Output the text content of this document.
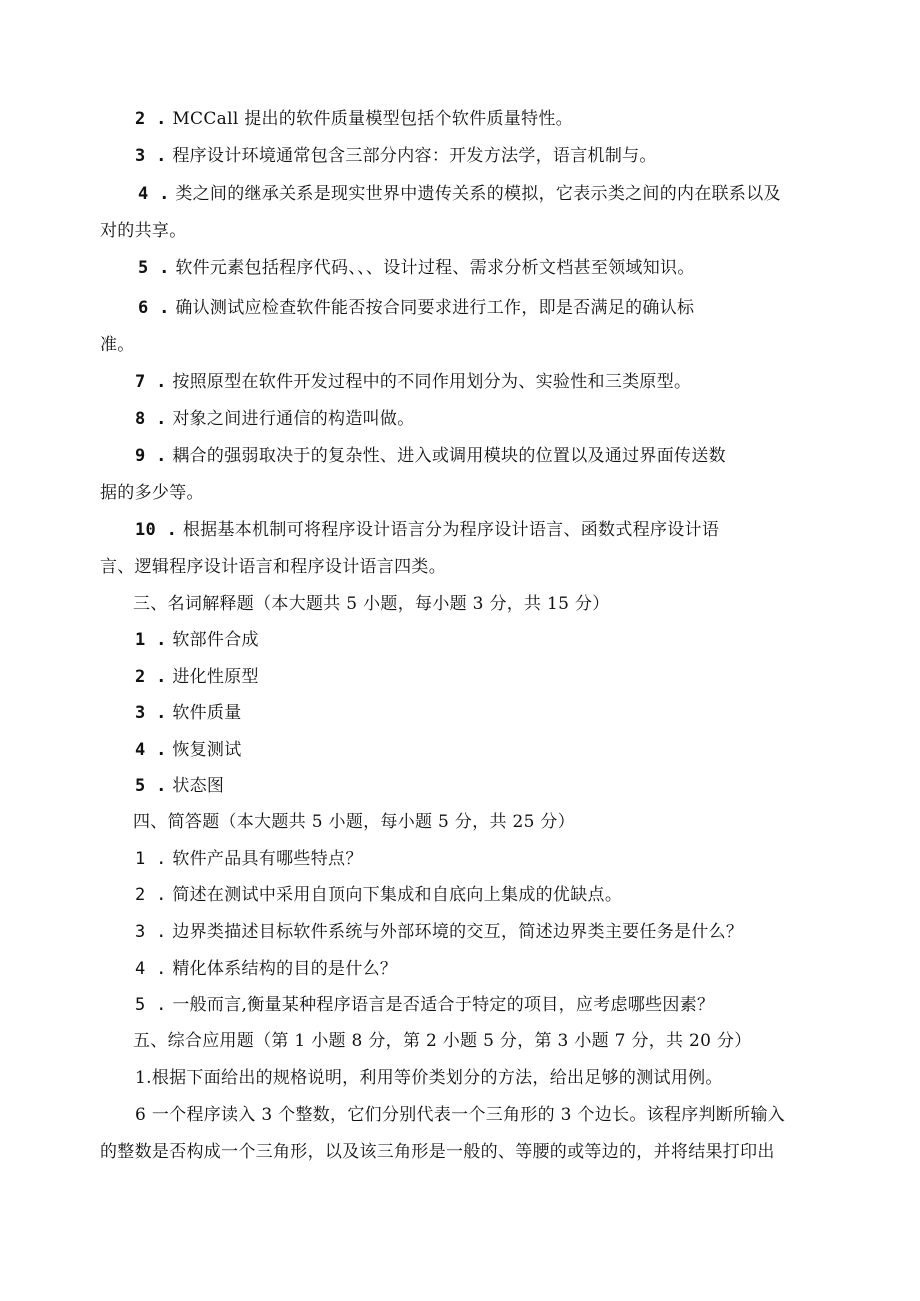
2 . MCCall 提出的软件质量模型包括个软件质量特性。
3 . 程序设计环境通常包含三部分内容：开发方法学，语言机制与。
4 . 类之间的继承关系是现实世界中遗传关系的模拟，它表示类之间的内在联系以及
对的共享。
5 . 软件元素包括程序代码、、、设计过程、需求分析文档甚至领域知识。
6 . 确认测试应检查软件能否按合同要求进行工作，即是否满足的确认标
准。
7 . 按照原型在软件开发过程中的不同作用划分为、实验性和三类原型。
8 . 对象之间进行通信的构造叫做。
9 . 耦合的强弱取决于的复杂性、进入或调用模块的位置以及通过界面传送数
据的多少等。
10 . 根据基本机制可将程序设计语言分为程序设计语言、函数式程序设计语
言、逻辑程序设计语言和程序设计语言四类。
三、名词解释题（本大题共 5 小题，每小题 3 分，共 15 分）
1 . 软部件合成
2 . 进化性原型
3 . 软件质量
4 . 恢复测试
5 . 状态图
四、简答题（本大题共 5 小题，每小题 5 分，共 25 分）
1 . 软件产品具有哪些特点？
2 . 简述在测试中采用自顶向下集成和自底向上集成的优缺点。
3 . 边界类描述目标软件系统与外部环境的交互，简述边界类主要任务是什么？
4 . 精化体系结构的目的是什么？
5 . 一般而言,衡量某种程序语言是否适合于特定的项目，应考虑哪些因素？
五、综合应用题（第 1 小题 8 分，第 2 小题 5 分，第 3 小题 7 分，共 20 分）
1.根据下面给出的规格说明，利用等价类划分的方法，给出足够的测试用例。
6 一个程序读入 3 个整数，它们分别代表一个三角形的 3 个边长。该程序判断所输入
的整数是否构成一个三角形，以及该三角形是一般的、等腰的或等边的，并将结果打印出
